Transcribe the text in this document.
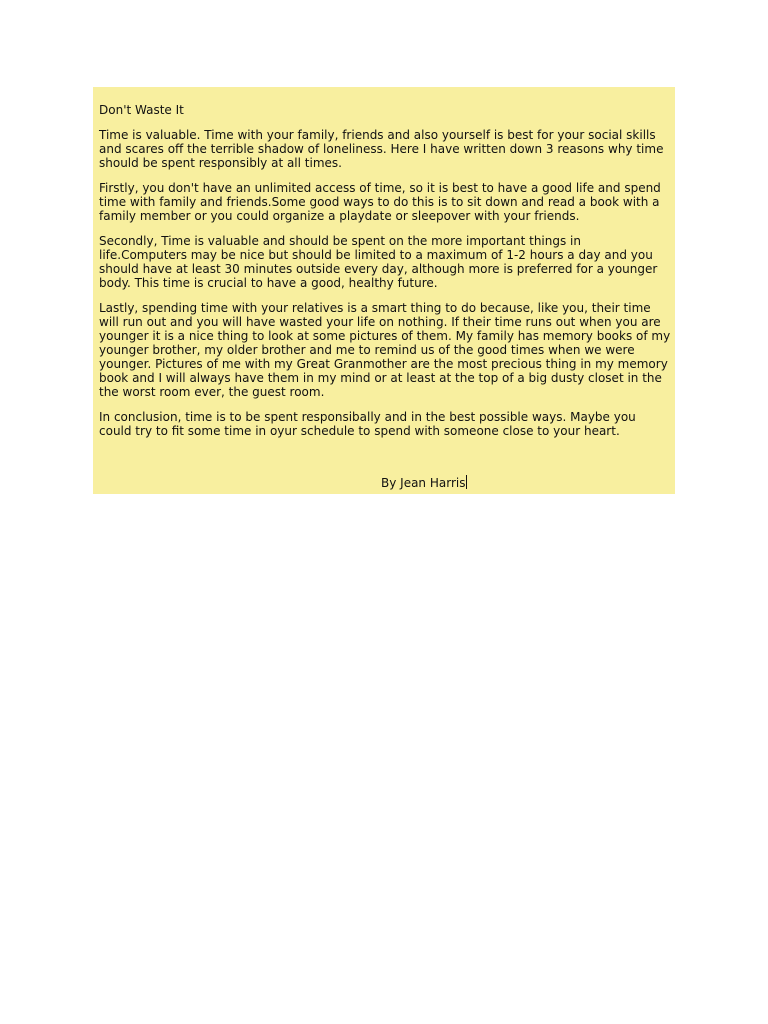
Don't Waste It
Time is valuable. Time with your family, friends and also yourself is best for your social skills and scares off the terrible shadow of loneliness. Here I have written down 3 reasons why time should be spent responsibly at all times.
Firstly, you don't have an unlimited access of time, so it is best to have a good life and spend time with family and friends.Some good ways to do this is to sit down and read a book with a family member or you could organize a playdate or sleepover with your friends.
Secondly, Time is valuable and should be spent on the more important things in life.Computers may be nice but should be limited to a maximum of 1-2 hours a day and you should have at least 30 minutes outside every day, although more is preferred for a younger body. This time is crucial to have a good, healthy future.
Lastly, spending time with your relatives is a smart thing to do because, like you, their time will run out and you will have wasted your life on nothing. If their time runs out when you are younger it is a nice thing to look at some pictures of them. My family has memory books of my younger brother, my older brother and me to remind us of the good times when we were younger. Pictures of me with my Great Granmother are the most precious thing in my memory book and I will always have them in my mind or at least at the top of a big dusty closet in the the worst room ever, the guest room.
In conclusion, time is to be spent responsibally and in the best possible ways. Maybe you could try to fit some time in oyur schedule to spend with someone close to your heart.
By Jean Harris
